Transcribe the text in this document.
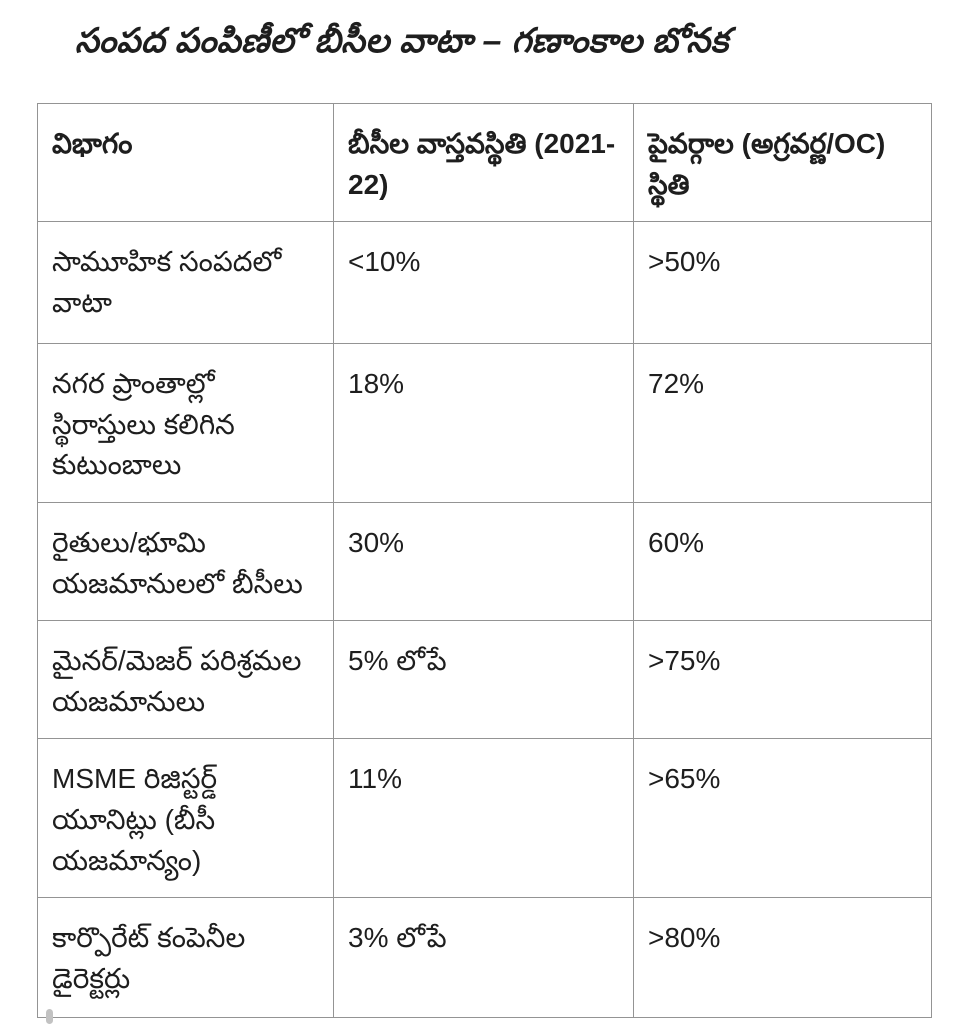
సంపద పంపిణీలో బీసీల వాటా – గణాంకాల బోనక
విభాగం	బీసీల వాస్తవస్థితి (2021-22)	పైవర్గాల (అగ్రవర్ణ/OC) స్థితి
సామూహిక సంపదలో వాటా	<10%	>50%
నగర ప్రాంతాల్లో స్థిరాస్తులు కలిగిన కుటుంబాలు	18%	72%
రైతులు/భూమి యజమానులలో బీసీలు	30%	60%
మైనర్/మెజర్ పరిశ్రమల యజమానులు	5% లోపే	>75%
MSME రిజిస్టర్డ్ యూనిట్లు (బీసీ యజమాన్యం)	11%	>65%
కార్పొరేట్ కంపెనీల డైరెక్టర్లు	3% లోపే	>80%
